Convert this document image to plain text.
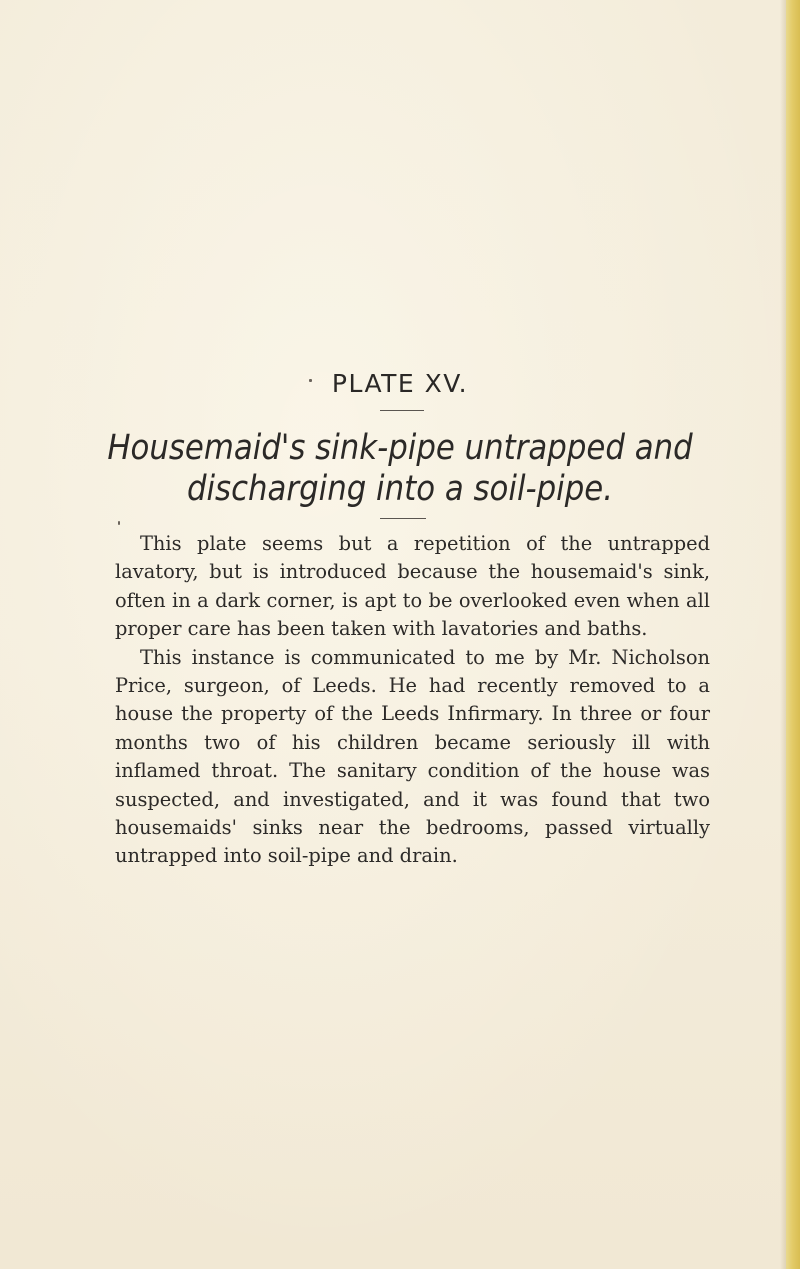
PLATE XV.
Housemaid's sink-pipe untrapped and
discharging into a soil-pipe.

This plate seems but a repetition of the untrapped lavatory, but is introduced because the housemaid's sink, often in a dark corner, is apt to be overlooked even when all proper care has been taken with lavatories and baths.

This instance is communicated to me by Mr. Nicholson Price, surgeon, of Leeds. He had recently removed to a house the property of the Leeds Infirmary. In three or four months two of his children became seriously ill with inflamed throat. The sanitary condition of the house was suspected, and investigated, and it was found that two housemaids' sinks near the bedrooms, passed virtually untrapped into soil-pipe and drain.
